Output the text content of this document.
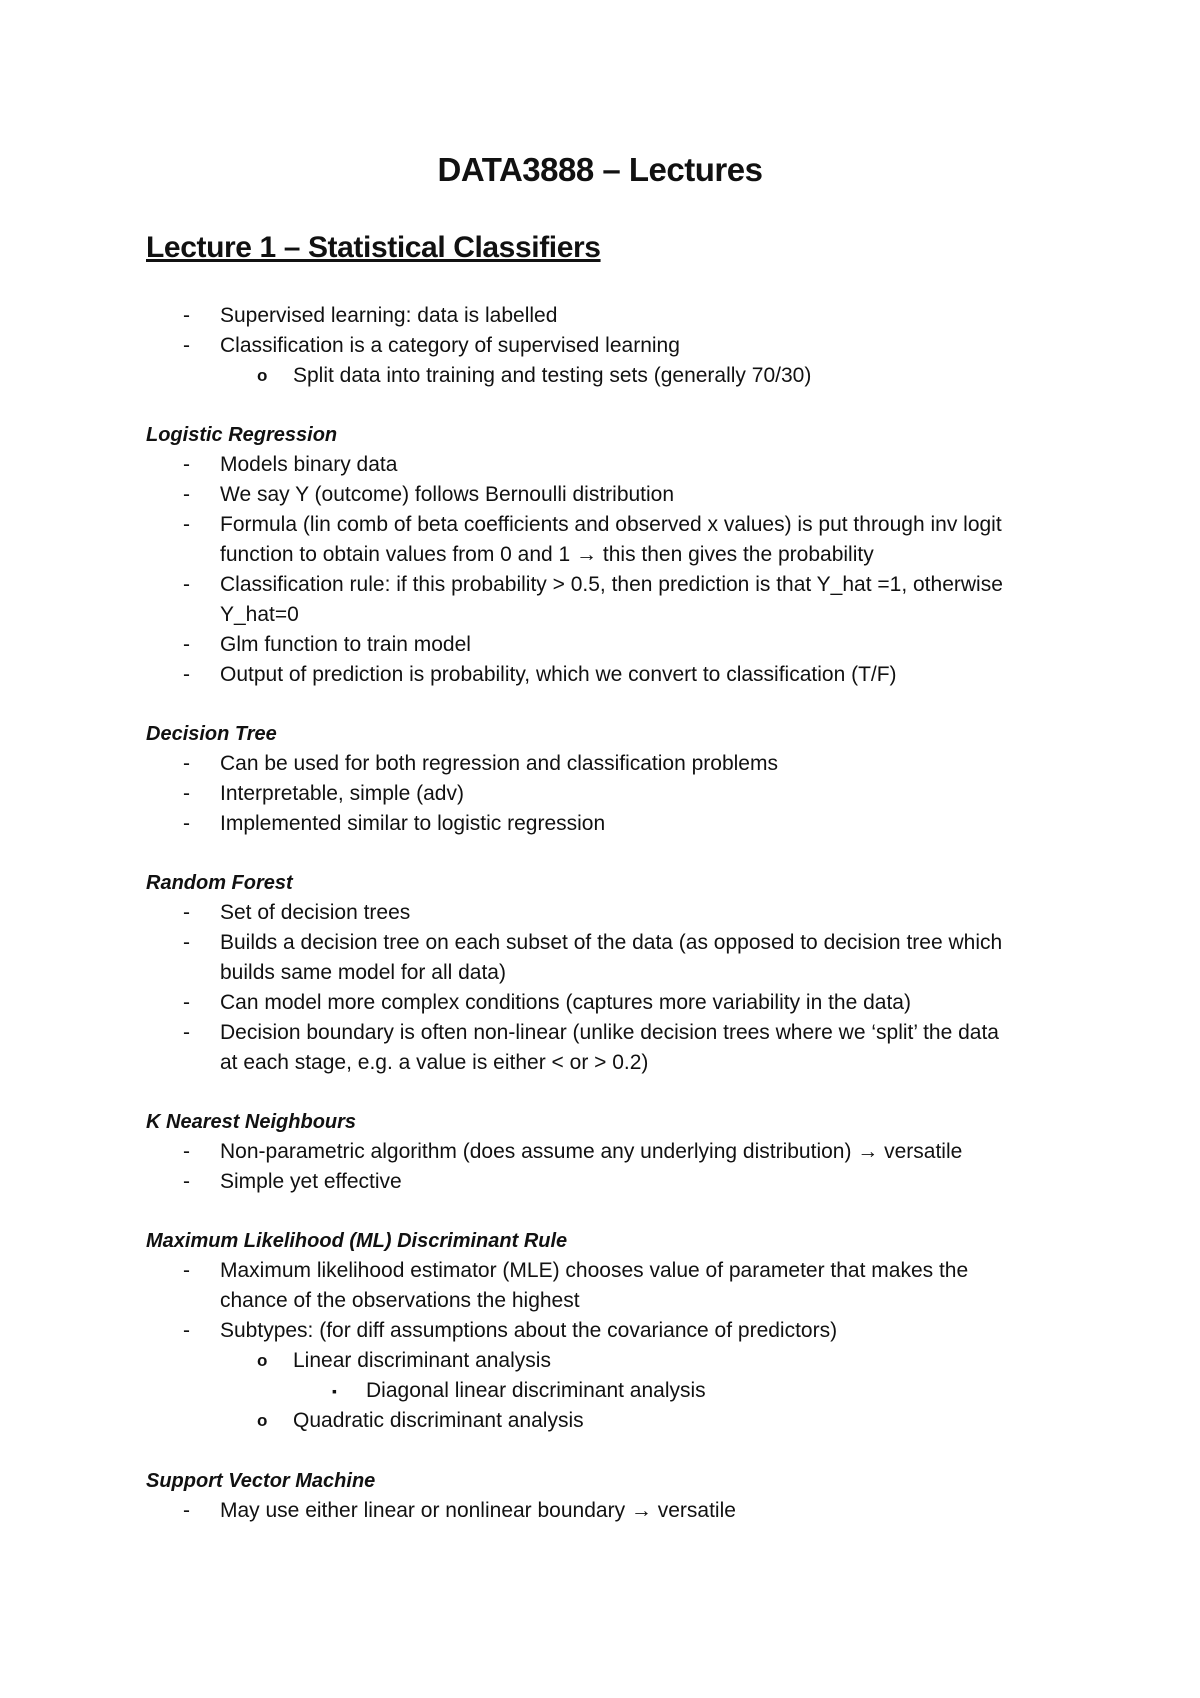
DATA3888 – Lectures
Lecture 1 – Statistical Classifiers
- Supervised learning: data is labelled
- Classification is a category of supervised learning
o Split data into training and testing sets (generally 70/30)
Logistic Regression
- Models binary data
- We say Y (outcome) follows Bernoulli distribution
- Formula (lin comb of beta coefficients and observed x values) is put through inv logit
function to obtain values from 0 and 1 → this then gives the probability
- Classification rule: if this probability > 0.5, then prediction is that Y_hat =1, otherwise
Y_hat=0
- Glm function to train model
- Output of prediction is probability, which we convert to classification (T/F)
Decision Tree
- Can be used for both regression and classification problems
- Interpretable, simple (adv)
- Implemented similar to logistic regression
Random Forest
- Set of decision trees
- Builds a decision tree on each subset of the data (as opposed to decision tree which
builds same model for all data)
- Can model more complex conditions (captures more variability in the data)
- Decision boundary is often non-linear (unlike decision trees where we ‘split’ the data
at each stage, e.g. a value is either < or > 0.2)
K Nearest Neighbours
- Non-parametric algorithm (does assume any underlying distribution) → versatile
- Simple yet effective
Maximum Likelihood (ML) Discriminant Rule
- Maximum likelihood estimator (MLE) chooses value of parameter that makes the
chance of the observations the highest
- Subtypes: (for diff assumptions about the covariance of predictors)
o Linear discriminant analysis
▪ Diagonal linear discriminant analysis
o Quadratic discriminant analysis
Support Vector Machine
- May use either linear or nonlinear boundary → versatile
